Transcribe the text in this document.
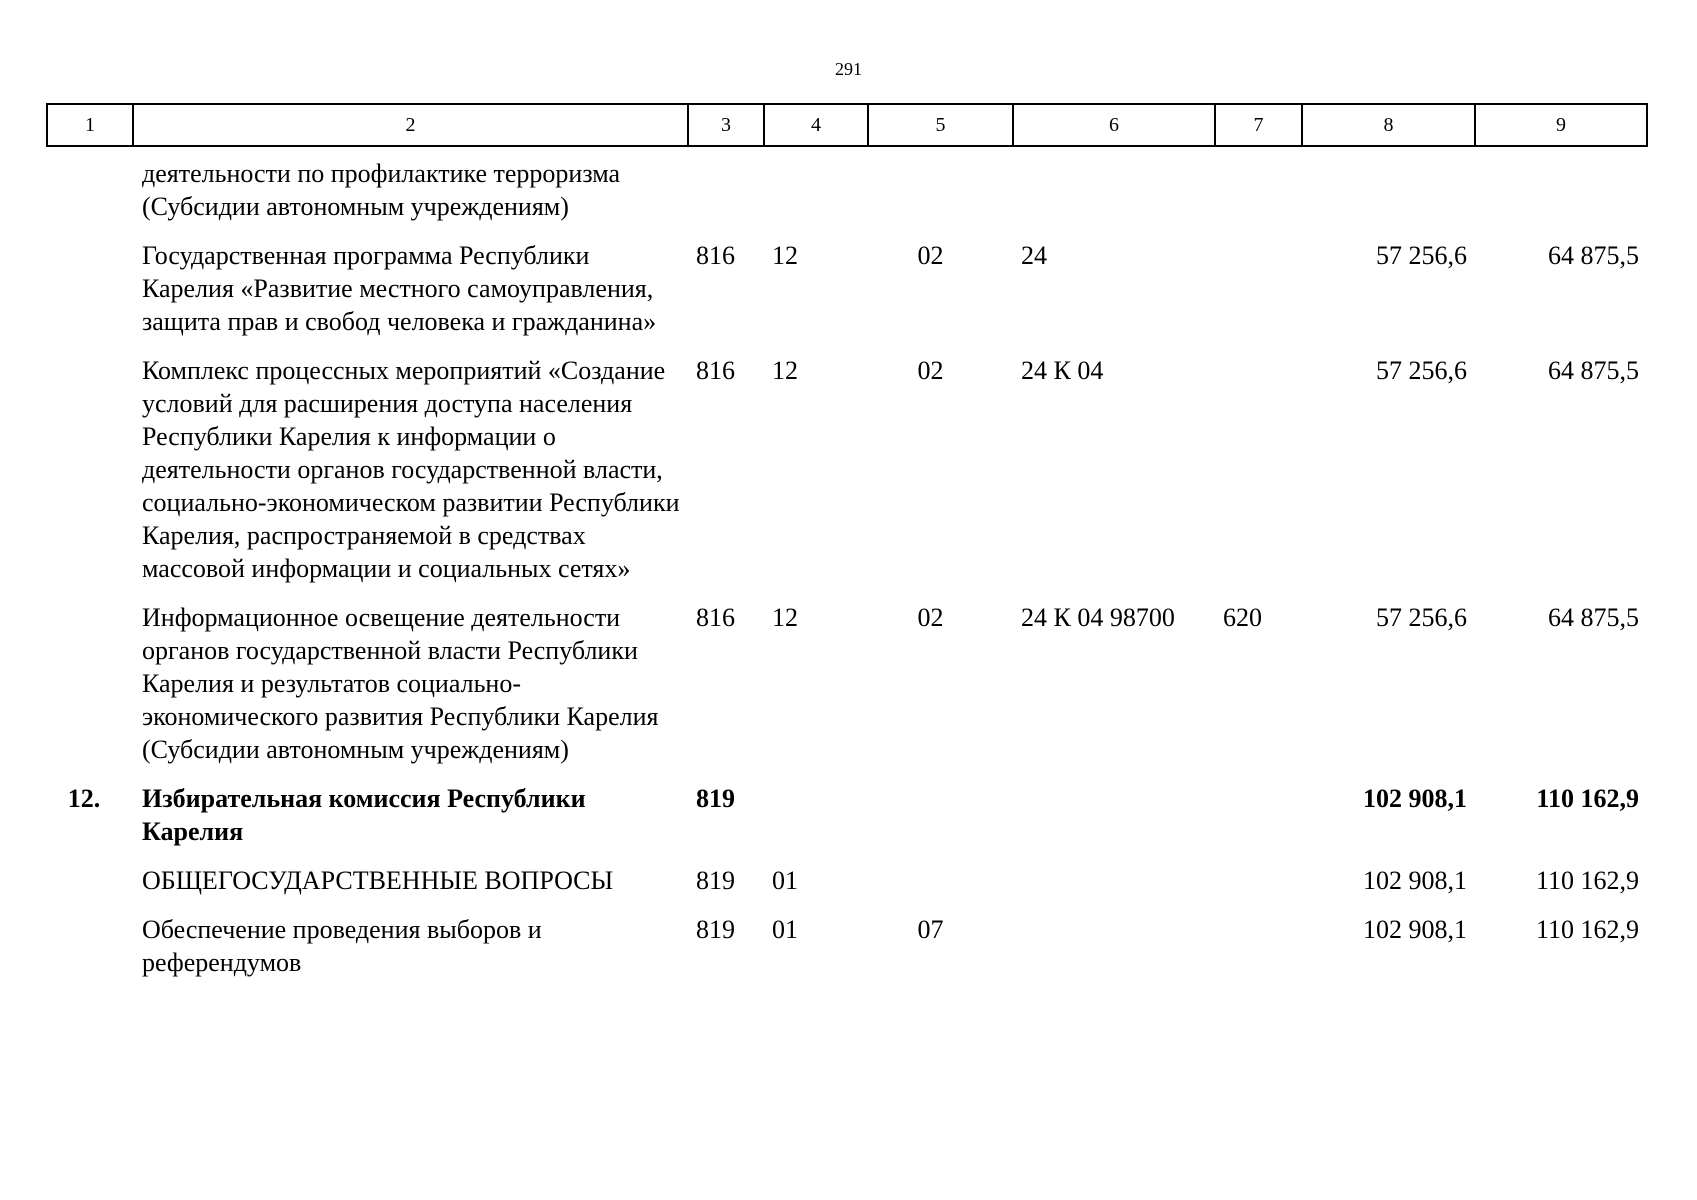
291
1	2	3	4	5	6	7	8	9
	деятельности по профилактике терроризма (Субсидии автономным учреждениям)							
	Государственная программа Республики Карелия «Развитие местного самоуправления, защита прав и свобод человека и гражданина»	816	12	02	24		57 256,6	64 875,5
	Комплекс процессных мероприятий «Создание условий для расширения доступа населения Республики Карелия к информации о деятельности органов государственной власти, социально-экономическом развитии Республики Карелия, распространяемой в средствах массовой информации и социальных сетях»	816	12	02	24 К 04		57 256,6	64 875,5
	Информационное освещение деятельности органов государственной власти Республики Карелия и результатов социально-экономического развития Республики Карелия (Субсидии автономным учреждениям)	816	12	02	24 К 04 98700	620	57 256,6	64 875,5
12.	Избирательная комиссия Республики Карелия	819					102 908,1	110 162,9
	ОБЩЕГОСУДАРСТВЕННЫЕ ВОПРОСЫ	819	01				102 908,1	110 162,9
	Обеспечение проведения выборов и референдумов	819	01	07			102 908,1	110 162,9
